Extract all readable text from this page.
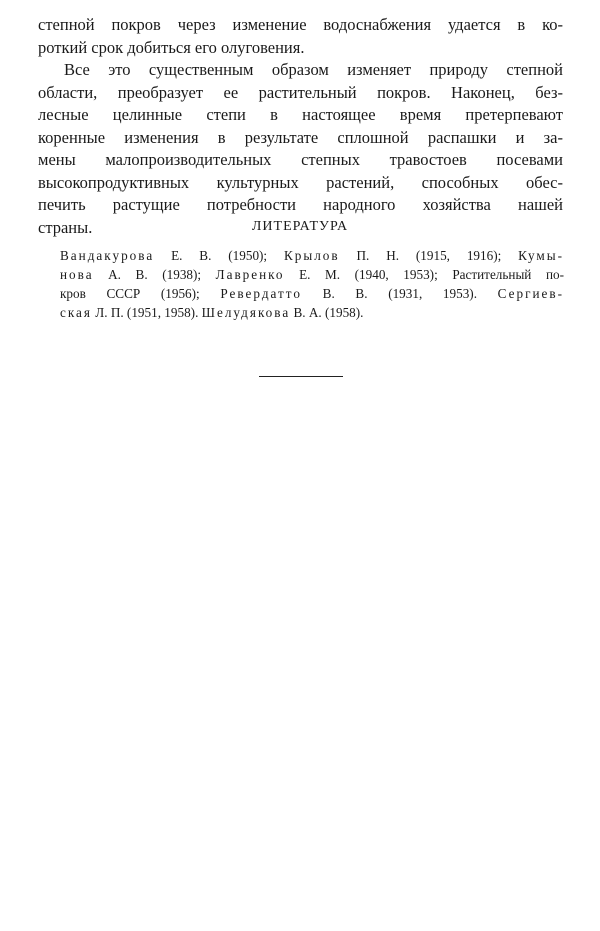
степной покров через изменение водоснабжения удается в ко-
роткий срок добиться его олуговения.
Все это существенным образом изменяет природу степной
области, преобразует ее растительный покров. Наконец, без-
лесные целинные степи в настоящее время претерпевают
коренные изменения в результате сплошной распашки и за-
мены малопроизводительных степных травостоев посевами
высокопродуктивных культурных растений, способных обес-
печить растущие потребности народного хозяйства нашей
страны.	ЛИТЕРАТУРА
Вандакурова Е. В. (1950); Крылов П. Н. (1915, 1916); Кумы-
нова А. В. (1938); Лавренко Е. М. (1940, 1953); Растительный по-
кров СССР (1956); Ревердатто В. В. (1931, 1953). Сергиев-
ская Л. П. (1951, 1958). Шелудякова В. А. (1958).
